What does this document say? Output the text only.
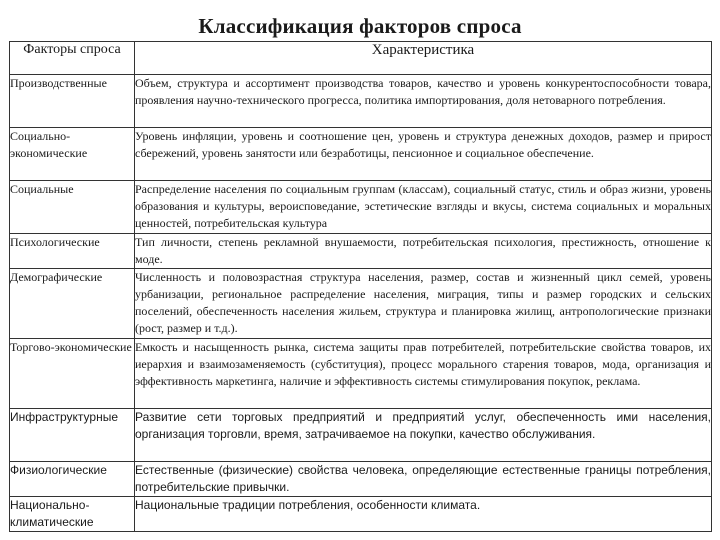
Классификация факторов спроса
Факторы спроса	Характеристика
Производственные	Объем, структура и ассортимент производства товаров, качество и уровень конкурентоспособности товара, проявления научно-технического прогресса, политика импортирования, доля нетоварного потребления.
Социально-экономические	Уровень инфляции, уровень и соотношение цен, уровень и структура денежных доходов, размер и прирост сбережений, уровень занятости или безработицы, пенсионное и социальное обеспечение.
Социальные	Распределение населения по социальным группам (классам), социальный статус, стиль и образ жизни, уровень образования и культуры, вероисповедание, эстетические взгляды и вкусы, система социальных и моральных ценностей, потребительская культура
Психологические	Тип личности, степень рекламной внушаемости, потребительская психология, престижность, отношение к моде.
Демографические	Численность и половозрастная структура населения, размер, состав и жизненный цикл семей, уровень урбанизации, региональное распределение населения, миграция, типы и размер городских и сельских поселений, обеспеченность населения жильем, структура и планировка жилищ, антропологические признаки (рост, размер и т.д.).
Торгово-экономические	Емкость и насыщенность рынка, система защиты прав потребителей, потребительские свойства товаров, их иерархия и взаимозаменяемость (субституция), процесс морального старения товаров, мода, организация и эффективность маркетинга, наличие и эффективность системы стимулирования покупок, реклама.
Инфраструктурные	Развитие сети торговых предприятий и предприятий услуг, обеспеченность ими населения, организация торговли, время, затрачиваемое на покупки, качество обслуживания.
Физиологические	Естественные (физические) свойства человека, определяющие естественные границы потребления, потребительские привычки.
Национально-климатические	Национальные традиции потребления, особенности климата.
